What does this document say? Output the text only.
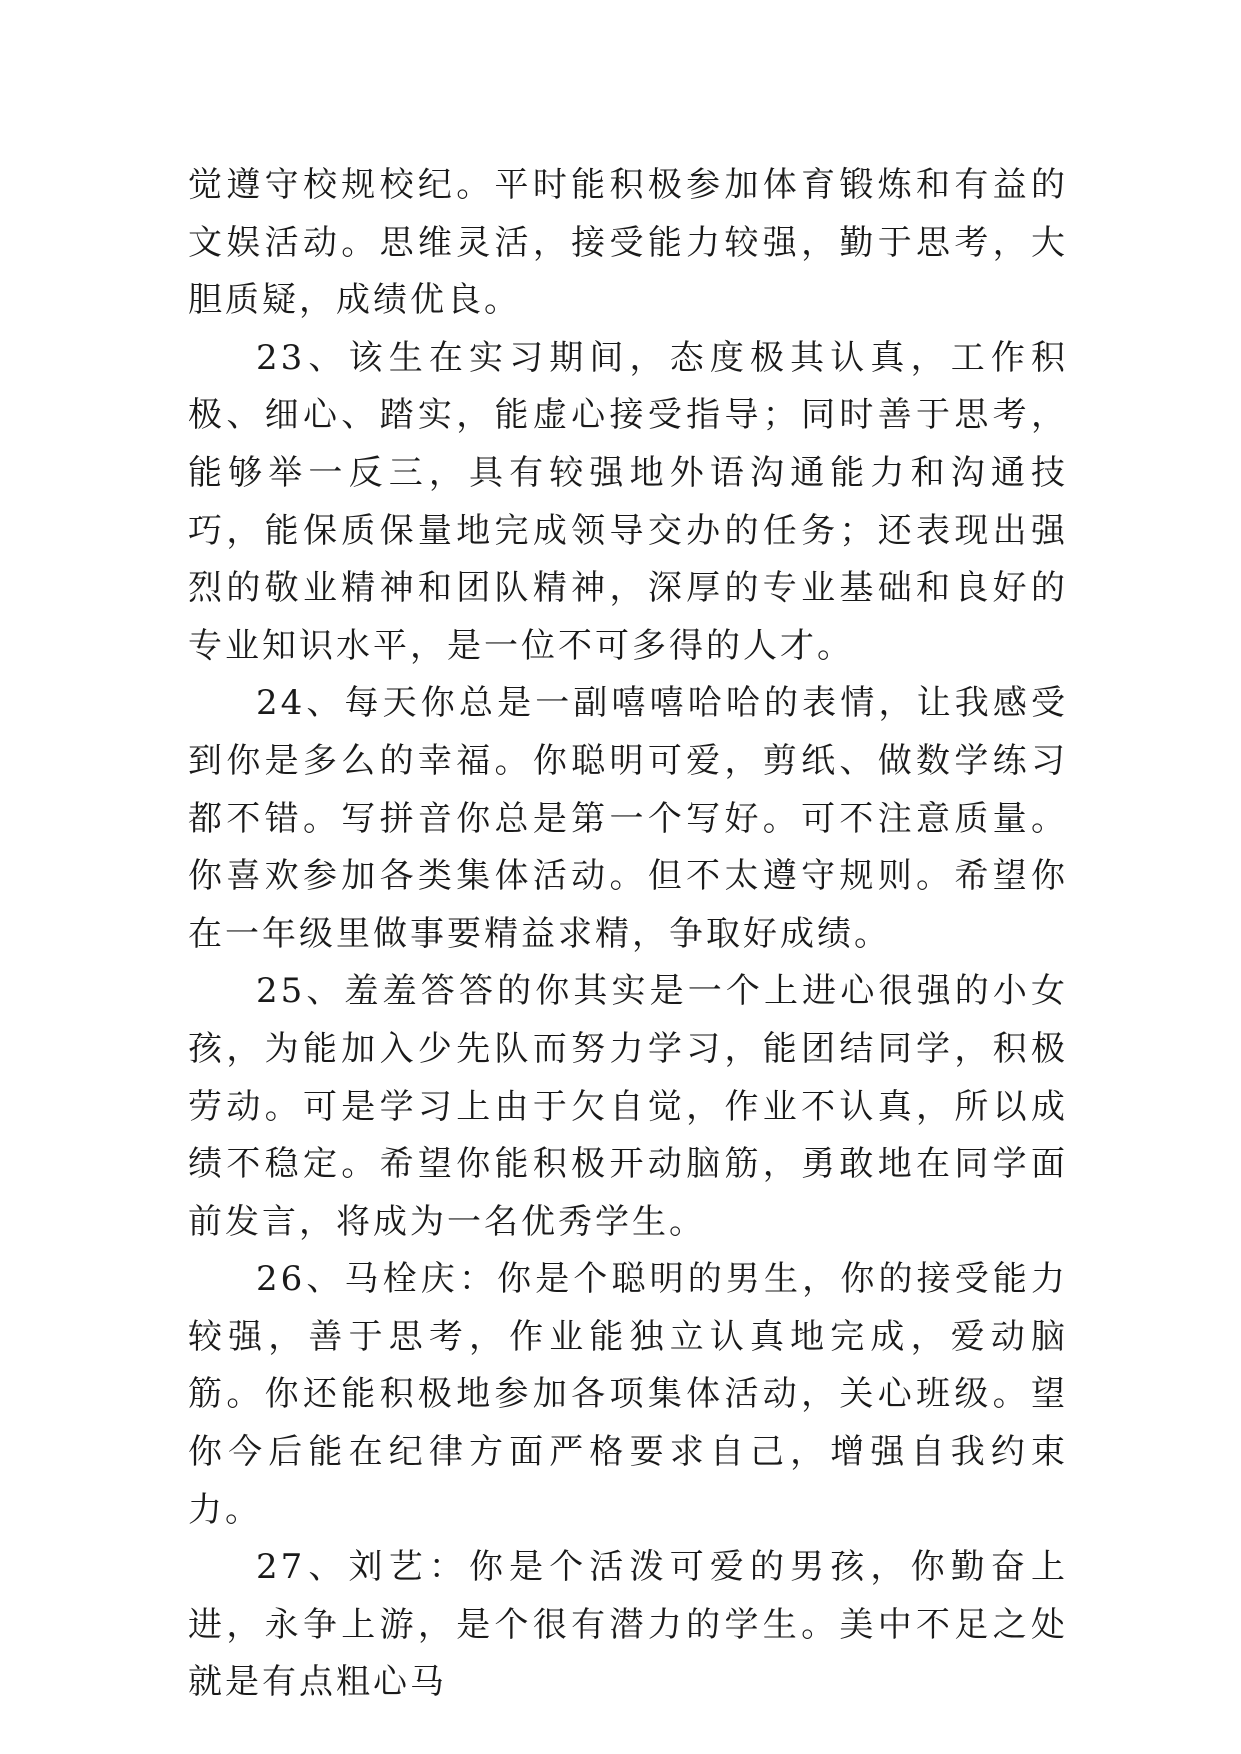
觉遵守校规校纪。平时能积极参加体育锻炼和有益的文娱活动。思维灵活，接受能力较强，勤于思考，大胆质疑，成绩优良。

23、该生在实习期间，态度极其认真，工作积极、细心、踏实，能虚心接受指导；同时善于思考，能够举一反三，具有较强地外语沟通能力和沟通技巧，能保质保量地完成领导交办的任务；还表现出强烈的敬业精神和团队精神，深厚的专业基础和良好的专业知识水平，是一位不可多得的人才。

24、每天你总是一副嘻嘻哈哈的表情，让我感受到你是多么的幸福。你聪明可爱，剪纸、做数学练习都不错。写拼音你总是第一个写好。可不注意质量。你喜欢参加各类集体活动。但不太遵守规则。希望你在一年级里做事要精益求精，争取好成绩。

25、羞羞答答的你其实是一个上进心很强的小女孩，为能加入少先队而努力学习，能团结同学，积极劳动。可是学习上由于欠自觉，作业不认真，所以成绩不稳定。希望你能积极开动脑筋，勇敢地在同学面前发言，将成为一名优秀学生。

26、马栓庆：你是个聪明的男生，你的接受能力较强，善于思考，作业能独立认真地完成，爱动脑筋。你还能积极地参加各项集体活动，关心班级。望你今后能在纪律方面严格要求自己，增强自我约束力。

27、刘艺：你是个活泼可爱的男孩，你勤奋上进，永争上游，是个很有潜力的学生。美中不足之处就是有点粗心马
